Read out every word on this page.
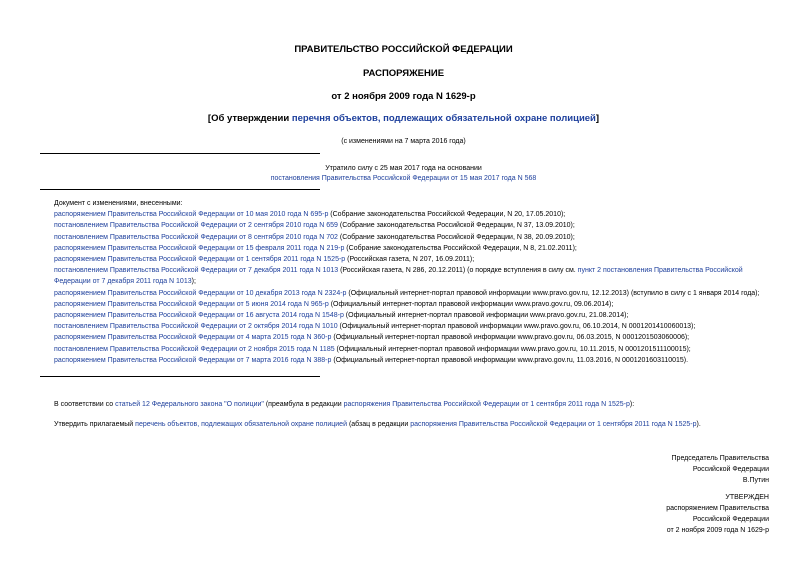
ПРАВИТЕЛЬСТВО РОССИЙСКОЙ ФЕДЕРАЦИИ
РАСПОРЯЖЕНИЕ
от 2 ноября 2009 года N 1629-р
[Об утверждении перечня объектов, подлежащих обязательной охране полицией]
(с изменениями на 7 марта 2016 года)
Утратило силу с 25 мая 2017 года на основании
постановления Правительства Российской Федерации от 15 мая 2017 года N 568
Документ с изменениями, внесенными:
распоряжением Правительства Российской Федерации от 10 мая 2010 года N 695-р (Собрание законодательства Российской Федерации, N 20, 17.05.2010);
постановлением Правительства Российской Федерации от 2 сентября 2010 года N 659 (Собрание законодательства Российской Федерации, N 37, 13.09.2010);
постановлением Правительства Российской Федерации от 8 сентября 2010 года N 702 (Собрание законодательства Российской Федерации, N 38, 20.09.2010);
распоряжением Правительства Российской Федерации от 15 февраля 2011 года N 219-р (Собрание законодательства Российской Федерации, N 8, 21.02.2011);
распоряжением Правительства Российской Федерации от 1 сентября 2011 года N 1525-р (Российская газета, N 207, 16.09.2011);
постановлением Правительства Российской Федерации от 7 декабря 2011 года N 1013 (Российская газета, N 286, 20.12.2011) (о порядке вступления в силу см. пункт 2 постановления Правительства Российской Федерации от 7 декабря 2011 года N 1013);
распоряжением Правительства Российской Федерации от 10 декабря 2013 года N 2324-р (Официальный интернет-портал правовой информации www.pravo.gov.ru, 12.12.2013) (вступило в силу с 1 января 2014 года);
распоряжением Правительства Российской Федерации от 5 июня 2014 года N 965-р (Официальный интернет-портал правовой информации www.pravo.gov.ru, 09.06.2014);
распоряжением Правительства Российской Федерации от 16 августа 2014 года N 1548-р (Официальный интернет-портал правовой информации www.pravo.gov.ru, 21.08.2014);
постановлением Правительства Российской Федерации от 2 октября 2014 года N 1010 (Официальный интернет-портал правовой информации www.pravo.gov.ru, 06.10.2014, N 0001201410060013);
распоряжением Правительства Российской Федерации от 4 марта 2015 года N 360-р (Официальный интернет-портал правовой информации www.pravo.gov.ru, 06.03.2015, N 0001201503060006);
постановлением Правительства Российской Федерации от 2 ноября 2015 года N 1185 (Официальный интернет-портал правовой информации www.pravo.gov.ru, 10.11.2015, N 0001201511100015);
распоряжением Правительства Российской Федерации от 7 марта 2016 года N 388-р (Официальный интернет-портал правовой информации www.pravo.gov.ru, 11.03.2016, N 0001201603110015).
В соответствии со статьей 12 Федерального закона "О полиции" (преамбула в редакции распоряжения Правительства Российской Федерации от 1 сентября 2011 года N 1525-р):
Утвердить прилагаемый перечень объектов, подлежащих обязательной охране полицией (абзац в редакции распоряжения Правительства Российской Федерации от 1 сентября 2011 года N 1525-р).
Председатель Правительства
Российской Федерации
В.Путин
УТВЕРЖДЕН
распоряжением Правительства
Российской Федерации
от 2 ноября 2009 года N 1629-р
